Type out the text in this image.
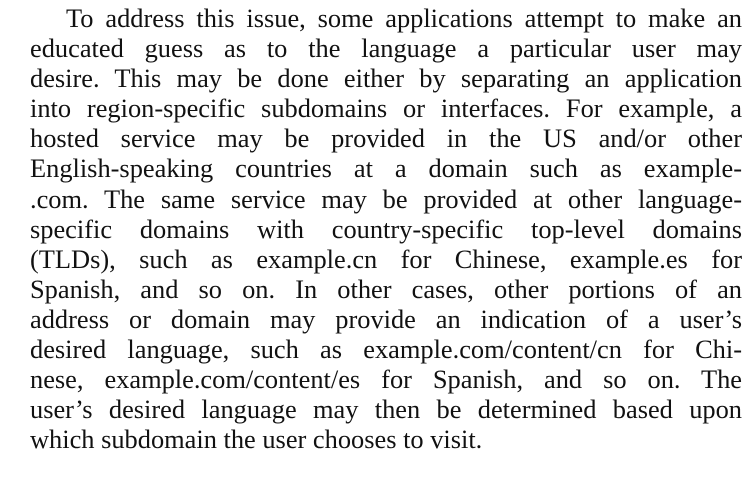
To address this issue, some applications attempt to make an
educated guess as to the language a particular user may
desire. This may be done either by separating an application
into region-specific subdomains or interfaces. For example, a
hosted service may be provided in the US and/or other
English-speaking countries at a domain such as example-
.com. The same service may be provided at other language-
specific domains with country-specific top-level domains
(TLDs), such as example.cn for Chinese, example.es for
Spanish, and so on. In other cases, other portions of an
address or domain may provide an indication of a user’s
desired language, such as example.com/content/cn for Chi-
nese, example.com/content/es for Spanish, and so on. The
user’s desired language may then be determined based upon
which subdomain the user chooses to visit.
